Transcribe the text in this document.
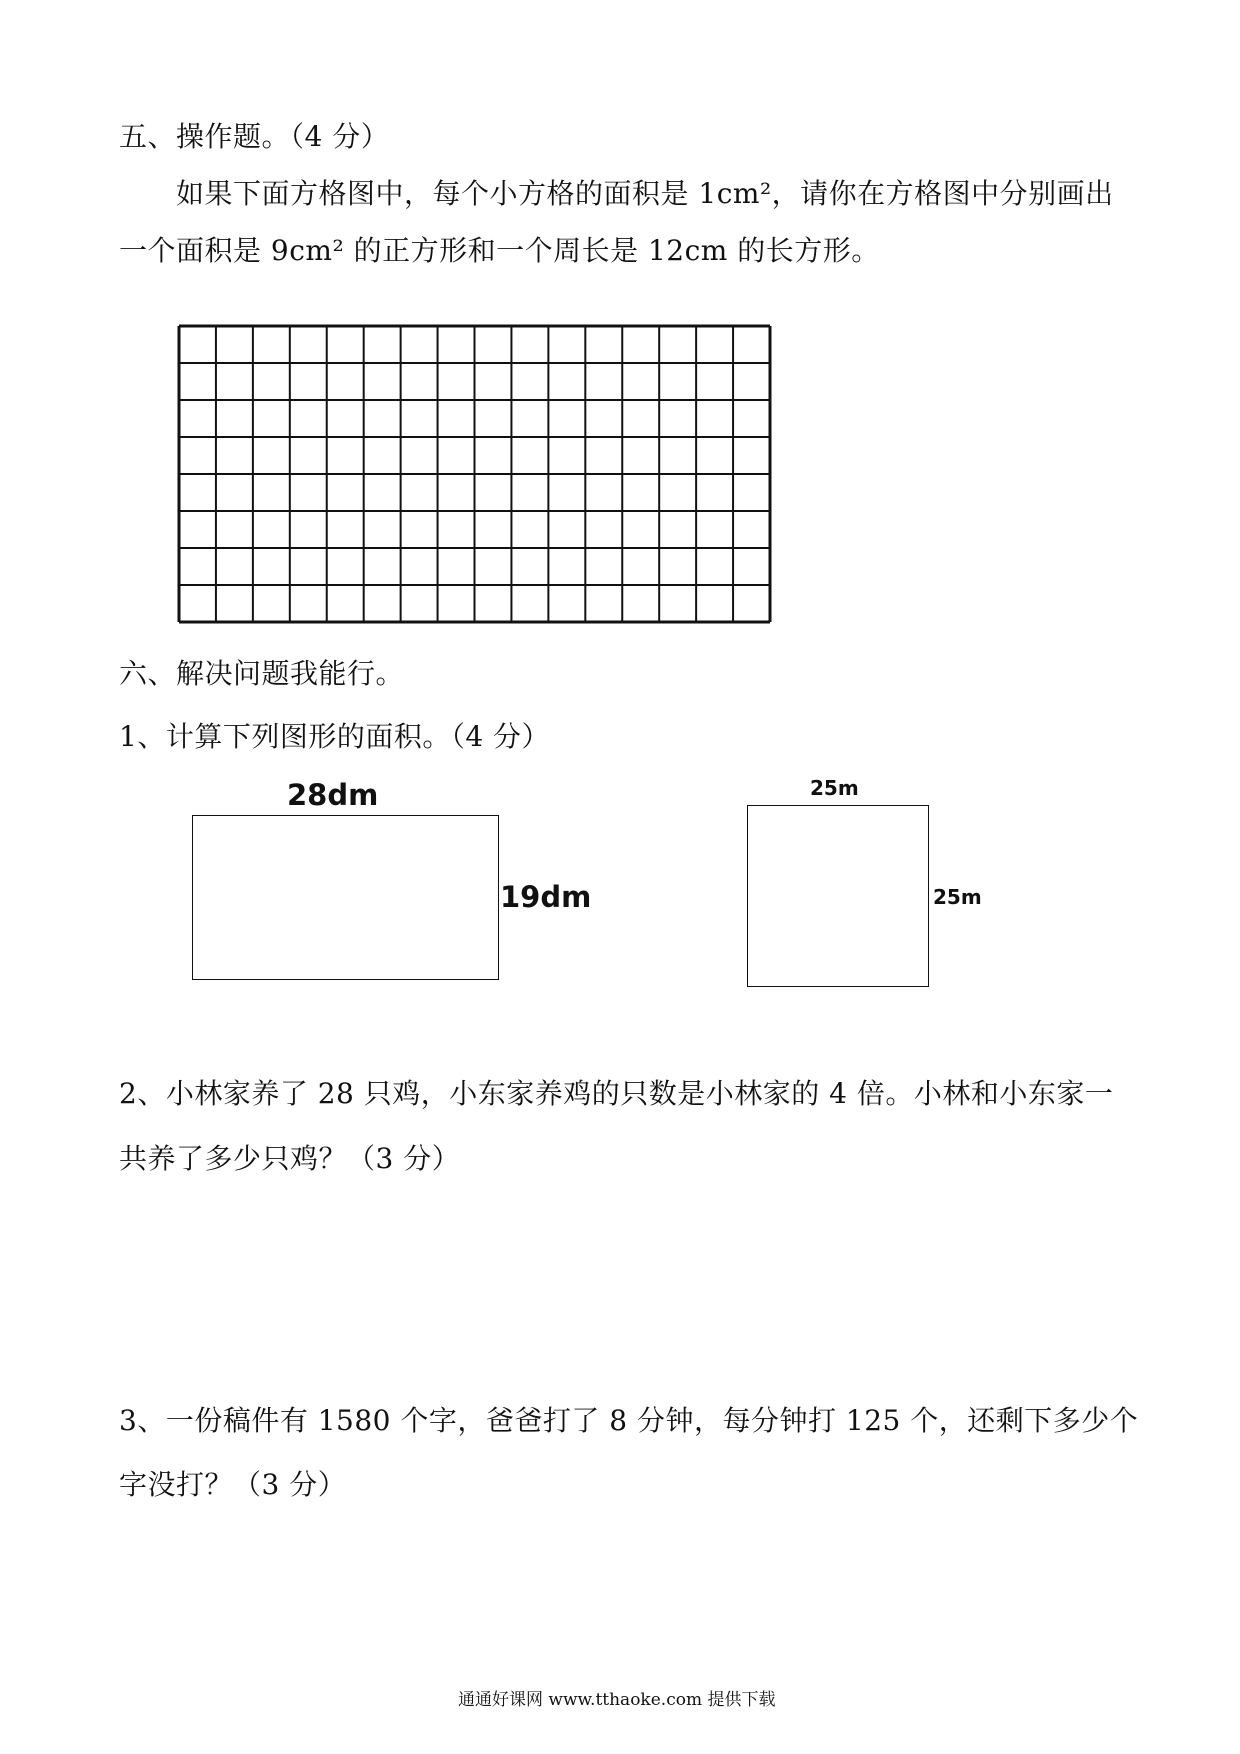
五、操作题。（4 分）
如果下面方格图中，每个小方格的面积是 1cm²，请你在方格图中分别画出
一个面积是 9cm² 的正方形和一个周长是 12cm 的长方形。
六、解决问题我能行。
1、计算下列图形的面积。（4 分）
28dm
19dm
25m
25m
2、小林家养了 28 只鸡，小东家养鸡的只数是小林家的 4 倍。小林和小东家一
共养了多少只鸡？（3 分）
3、一份稿件有 1580 个字，爸爸打了 8 分钟，每分钟打 125 个，还剩下多少个
字没打？（3 分）
通通好课网 www.tthaoke.com 提供下载
